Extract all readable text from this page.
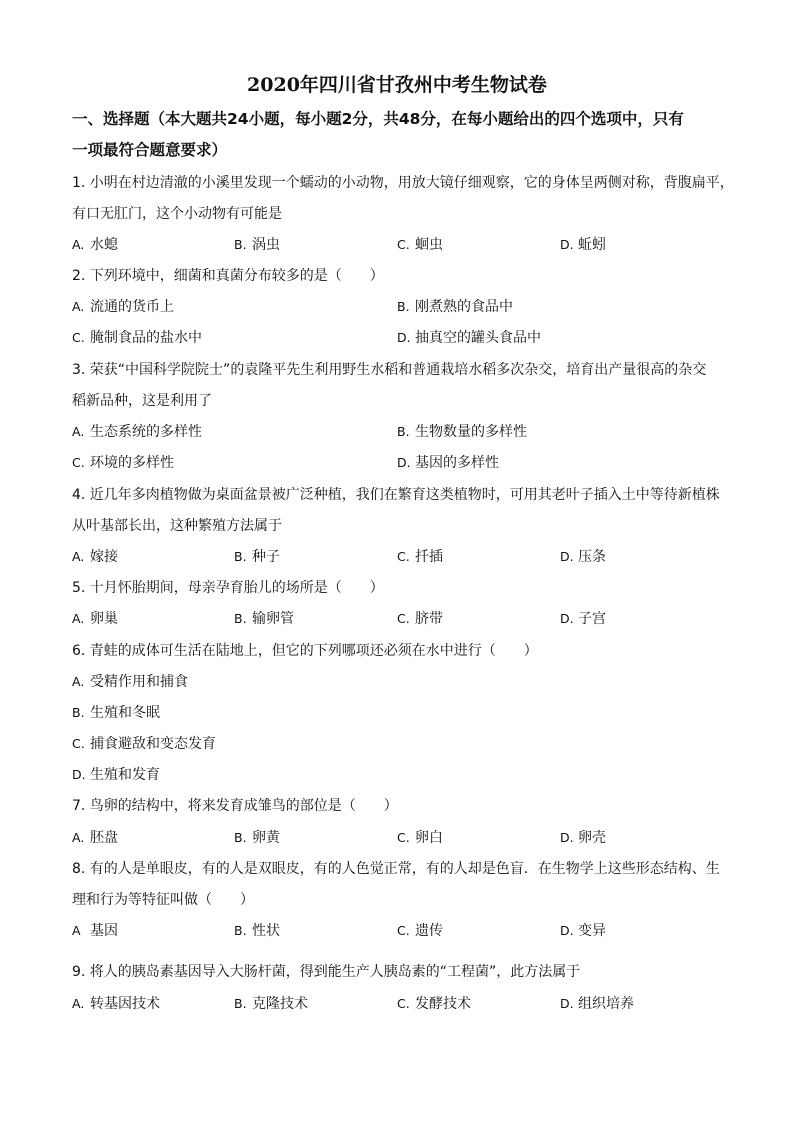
2020年四川省甘孜州中考生物试卷
一、选择题（本大题共24小题，每小题2分，共48分，在每小题给出的四个选项中，只有
一项最符合题意要求）
1. 小明在村边清澈的小溪里发现一个蠕动的小动物，用放大镜仔细观察，它的身体呈两侧对称，背腹扁平，
有口无肛门，这个小动物有可能是
A. 水螅	B. 涡虫	C. 蛔虫	D. 蚯蚓
2. 下列环境中，细菌和真菌分布较多的是（　　）
A. 流通的货币上	B. 刚煮熟的食品中
C. 腌制食品的盐水中	D. 抽真空的罐头食品中
3. 荣获“中国科学院院士”的袁隆平先生利用野生水稻和普通栽培水稻多次杂交，培育出产量很高的杂交
稻新品种，这是利用了
A. 生态系统的多样性	B. 生物数量的多样性
C. 环境的多样性	D. 基因的多样性
4. 近几年多肉植物做为桌面盆景被广泛种植，我们在繁育这类植物时，可用其老叶子插入土中等待新植株
从叶基部长出，这种繁殖方法属于
A. 嫁接	B. 种子	C. 扦插	D. 压条
5. 十月怀胎期间，母亲孕育胎儿的场所是（　　）
A. 卵巢	B. 输卵管	C. 脐带	D. 子宫
6. 青蛙的成体可生活在陆地上，但它的下列哪项还必须在水中进行（　　）
A. 受精作用和捕食
B. 生殖和冬眠
C. 捕食避敌和变态发育
D. 生殖和发育
7. 鸟卵的结构中，将来发育成雏鸟的部位是（　　）
A. 胚盘	B. 卵黄	C. 卵白	D. 卵壳
8. 有的人是单眼皮，有的人是双眼皮，有的人色觉正常，有的人却是色盲．在生物学上这些形态结构、生
理和行为等特征叫做（　　）
A 基因	B. 性状	C. 遗传	D. 变异
9. 将人的胰岛素基因导入大肠杆菌，得到能生产人胰岛素的“工程菌”，此方法属于
A. 转基因技术	B. 克隆技术	C. 发酵技术	D. 组织培养
